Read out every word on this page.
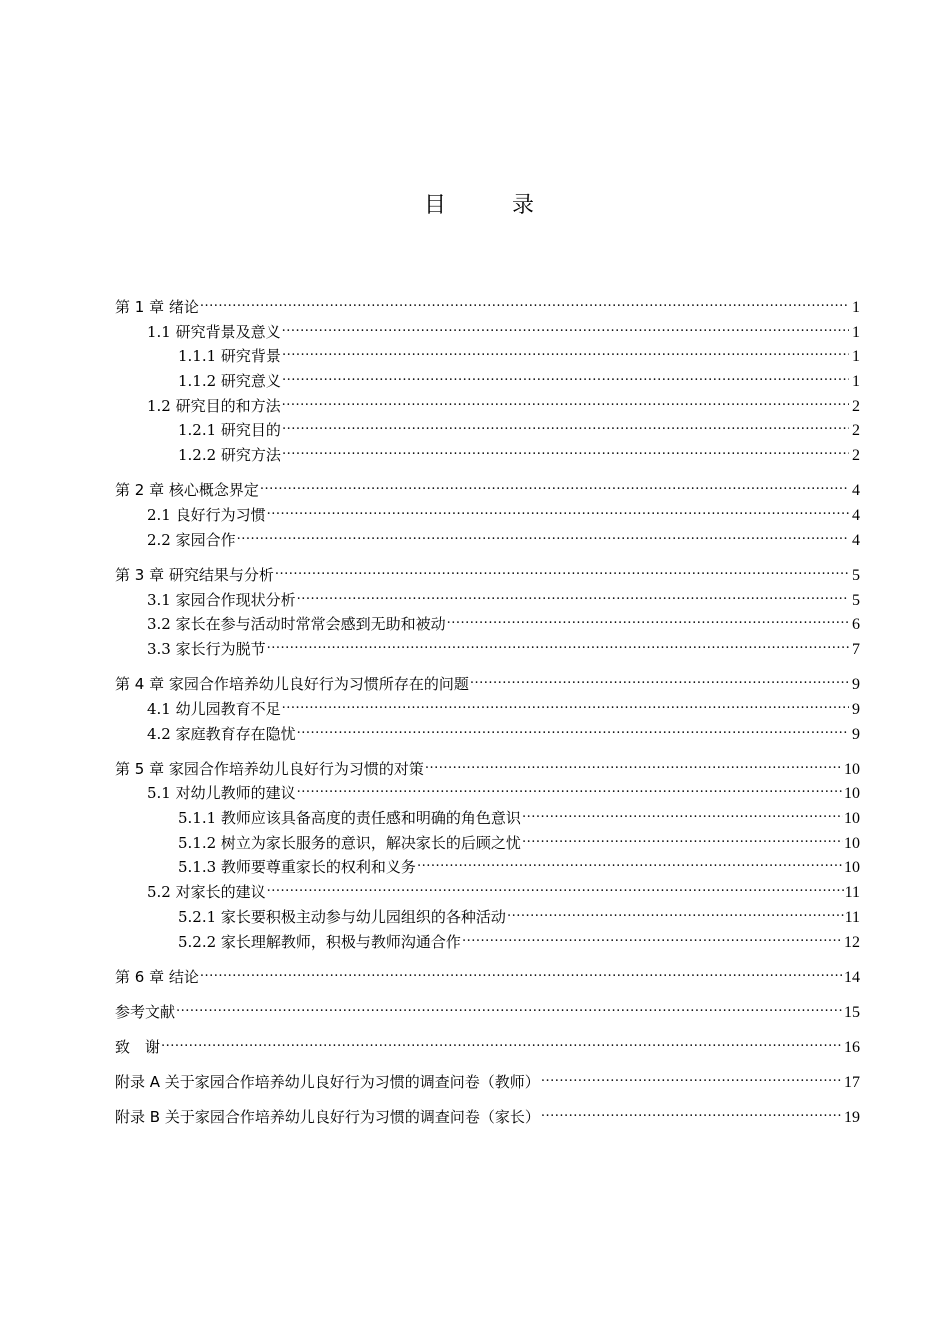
目　录
第 1 章 绪论 .....	1
1.1 研究背景及意义 .....	1
1.1.1 研究背景 .....	1
1.1.2 研究意义 .....	1
1.2 研究目的和方法 .....	2
1.2.1 研究目的 .....	2
1.2.2 研究方法 .....	2
第 2 章 核心概念界定 .....	4
2.1 良好行为习惯 .....	4
2.2 家园合作 .....	4
第 3 章 研究结果与分析 .....	5
3.1 家园合作现状分析 .....	5
3.2 家长在参与活动时常常会感到无助和被动 .....	6
3.3 家长行为脱节 .....	7
第 4 章 家园合作培养幼儿良好行为习惯所存在的问题 .....	9
4.1 幼儿园教育不足 .....	9
4.2 家庭教育存在隐忧 .....	9
第 5 章 家园合作培养幼儿良好行为习惯的对策 .....	10
5.1 对幼儿教师的建议 .....	10
5.1.1 教师应该具备高度的责任感和明确的角色意识 .....	10
5.1.2 树立为家长服务的意识，解决家长的后顾之忧 .....	10
5.1.3 教师要尊重家长的权利和义务 .....	10
5.2 对家长的建议 .....	11
5.2.1 家长要积极主动参与幼儿园组织的各种活动 .....	11
5.2.2 家长理解教师，积极与教师沟通合作 .....	12
第 6 章 结论 .....	14
参考文献 .....	15
致　谢 .....	16
附录 A 关于家园合作培养幼儿良好行为习惯的调查问卷（教师） .....	17
附录 B 关于家园合作培养幼儿良好行为习惯的调查问卷（家长） .....	19
